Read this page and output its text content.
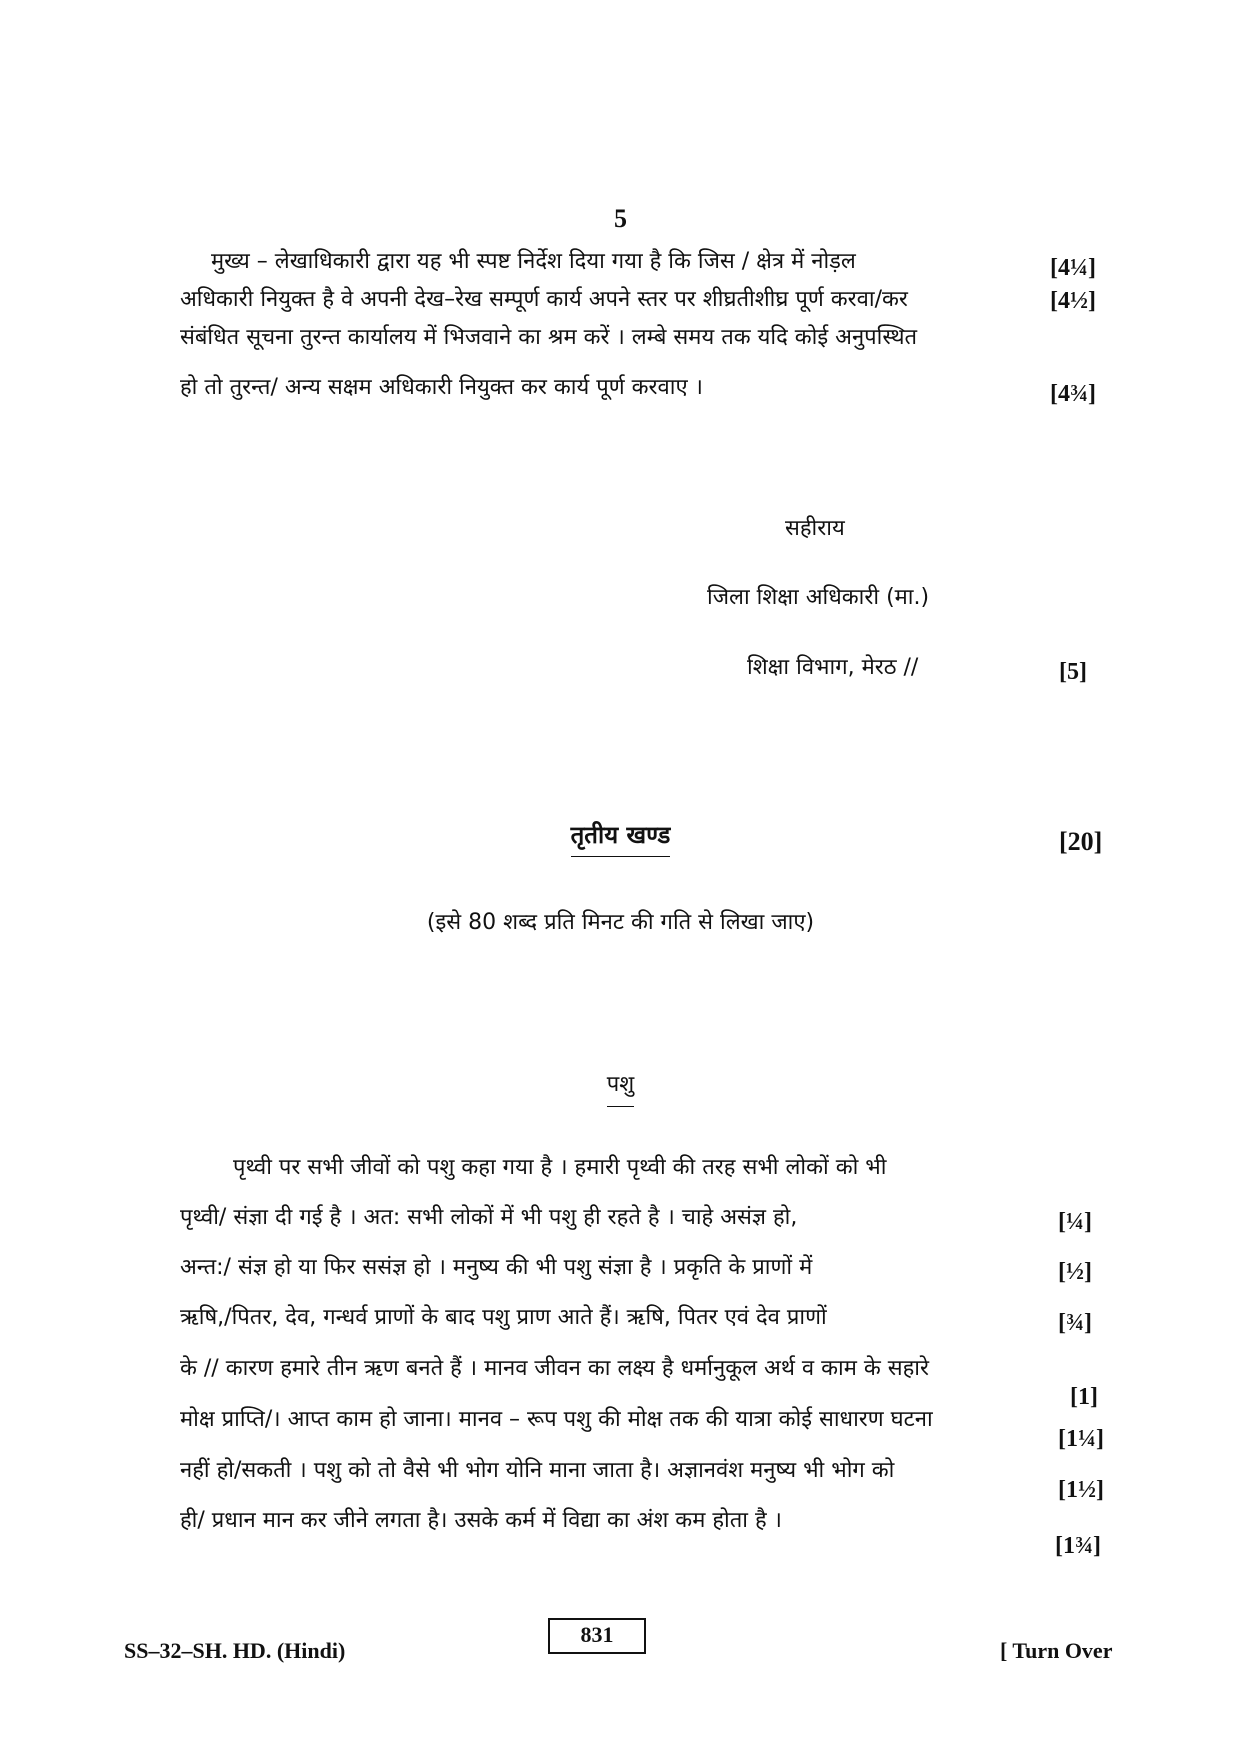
5
मुख्य – लेखाधिकारी द्वारा यह भी स्पष्ट निर्देश दिया गया है कि जिस / क्षेत्र में नोड़ल
अधिकारी नियुक्त है वे अपनी देख–रेख सम्पूर्ण कार्य अपने स्तर पर शीघ्रतीशीघ्र पूर्ण करवा/कर
संबंधित सूचना तुरन्त कार्यालय में भिजवाने का श्रम करें । लम्बे समय तक यदि कोई अनुपस्थित
हो तो तुरन्त/ अन्य सक्षम अधिकारी नियुक्त कर कार्य पूर्ण करवाए ।
[4¼]
[4½]
[4¾]
सहीराय
जिला शिक्षा अधिकारी (मा.)
शिक्षा विभाग, मेरठ //	[5]
तृतीय खण्ड	[20]
(इसे 80 शब्द प्रति मिनट की गति से लिखा जाए)
पशु
पृथ्वी पर सभी जीवों को पशु कहा गया है । हमारी पृथ्वी की तरह सभी लोकों को भी
पृथ्वी/ संज्ञा दी गई है । अत: सभी लोकों में भी पशु ही रहते है । चाहे असंज्ञ हो,
अन्त:/ संज्ञ हो या फिर ससंज्ञ हो । मनुष्य की भी पशु संज्ञा है । प्रकृति के प्राणों में
ऋषि,/पितर, देव, गन्धर्व प्राणों के बाद पशु प्राण आते हैं। ऋषि, पितर एवं देव प्राणों
के // कारण हमारे तीन ऋण बनते हैं । मानव जीवन का लक्ष्य है धर्मानुकूल अर्थ व काम के सहारे
मोक्ष प्राप्ति/। आप्त काम हो जाना। मानव – रूप पशु की मोक्ष तक की यात्रा कोई साधारण घटना
नहीं हो/सकती । पशु को तो वैसे भी भोग योनि माना जाता है। अज्ञानवंश मनुष्य भी भोग को
ही/ प्रधान मान कर जीने लगता है। उसके कर्म में विद्या का अंश कम होता है ।
[¼]
[½]
[¾]
[1]
[1¼]
[1½]
[1¾]
SS–32–SH. HD. (Hindi)
831
[ Turn Over
